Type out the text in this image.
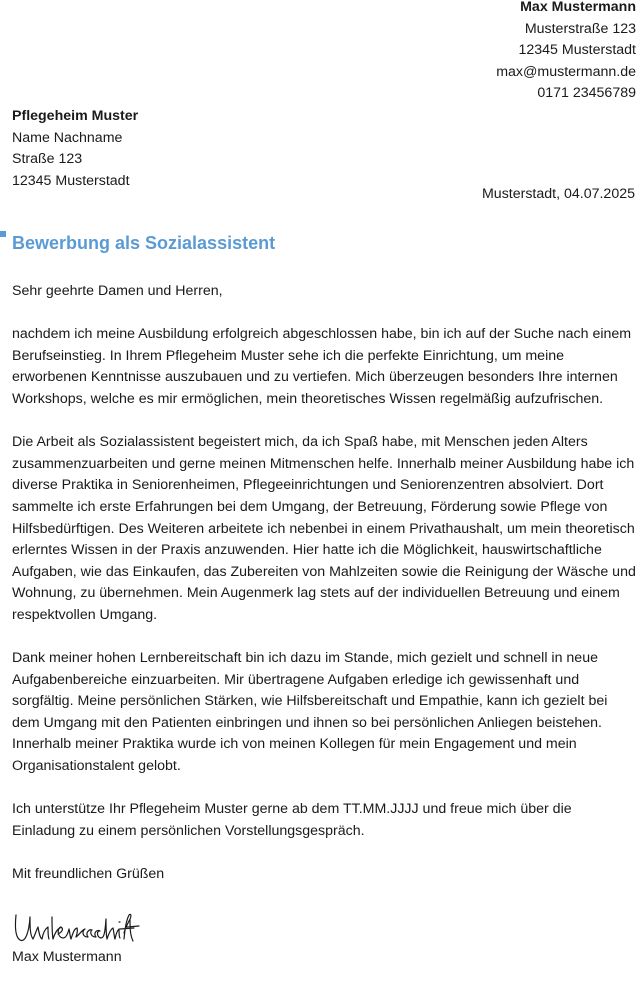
Max Mustermann
Musterstraße 123
12345 Musterstadt
max@mustermann.de
0171 23456789
Pflegeheim Muster
Name Nachname
Straße 123
12345 Musterstadt
Musterstadt, 04.07.2025
Bewerbung als Sozialassistent

Sehr geehrte Damen und Herren,

nachdem ich meine Ausbildung erfolgreich abgeschlossen habe, bin ich auf der Suche nach einem Berufseinstieg. In Ihrem Pflegeheim Muster sehe ich die perfekte Einrichtung, um meine erworbenen Kenntnisse auszubauen und zu vertiefen. Mich überzeugen besonders Ihre internen Workshops, welche es mir ermöglichen, mein theoretisches Wissen regelmäßig aufzufrischen.

Die Arbeit als Sozialassistent begeistert mich, da ich Spaß habe, mit Menschen jeden Alters zusammenzuarbeiten und gerne meinen Mitmenschen helfe. Innerhalb meiner Ausbildung habe ich diverse Praktika in Seniorenheimen, Pflegeeinrichtungen und Seniorenzentren absolviert. Dort sammelte ich erste Erfahrungen bei dem Umgang, der Betreuung, Förderung sowie Pflege von Hilfsbedürftigen. Des Weiteren arbeitete ich nebenbei in einem Privathaushalt, um mein theoretisch erlerntes Wissen in der Praxis anzuwenden. Hier hatte ich die Möglichkeit, hauswirtschaftliche Aufgaben, wie das Einkaufen, das Zubereiten von Mahlzeiten sowie die Reinigung der Wäsche und Wohnung, zu übernehmen. Mein Augenmerk lag stets auf der individuellen Betreuung und einem respektvollen Umgang.

Dank meiner hohen Lernbereitschaft bin ich dazu im Stande, mich gezielt und schnell in neue Aufgabenbereiche einzuarbeiten. Mir übertragene Aufgaben erledige ich gewissenhaft und sorgfältig. Meine persönlichen Stärken, wie Hilfsbereitschaft und Empathie, kann ich gezielt bei dem Umgang mit den Patienten einbringen und ihnen so bei persönlichen Anliegen beistehen. Innerhalb meiner Praktika wurde ich von meinen Kollegen für mein Engagement und mein Organisationstalent gelobt.

Ich unterstütze Ihr Pflegeheim Muster gerne ab dem TT.MM.JJJJ und freue mich über die Einladung zu einem persönlichen Vorstellungsgespräch.

Mit freundlichen Grüßen

Max Mustermann
